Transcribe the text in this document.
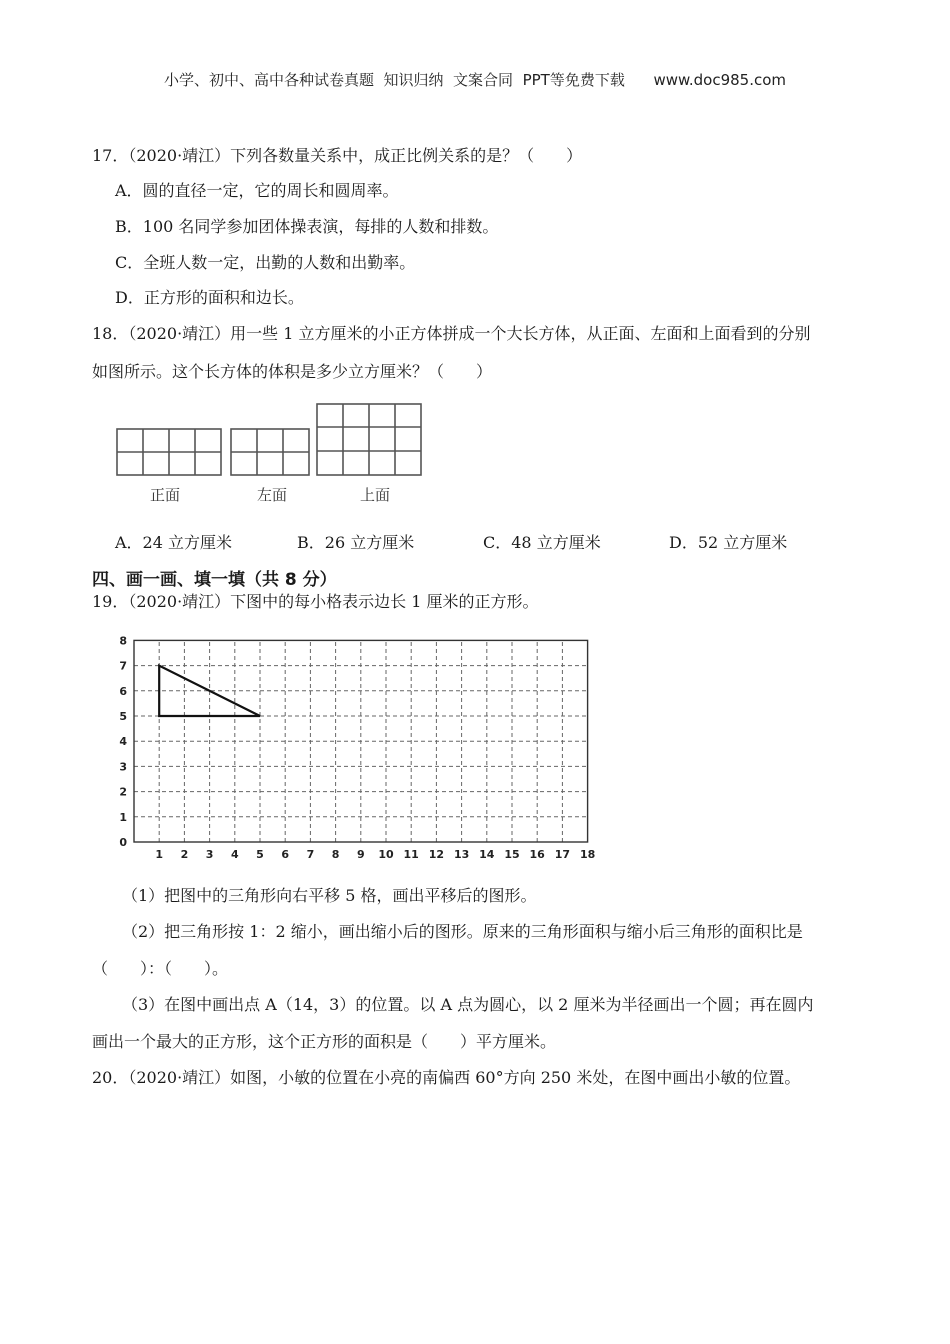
小学、初中、高中各种试卷真题  知识归纳  文案合同  PPT等免费下载      www.doc985.com
17．（2020·靖江）下列各数量关系中，成正比例关系的是？（　　）
A．圆的直径一定，它的周长和圆周率。
B．100 名同学参加团体操表演，每排的人数和排数。
C．全班人数一定，出勤的人数和出勤率。
D．正方形的面积和边长。
18．（2020·靖江）用一些 1 立方厘米的小正方体拼成一个大长方体，从正面、左面和上面看到的分别
如图所示。这个长方体的体积是多少立方厘米？（　　）
正面	左面	上面
A．24 立方厘米	B．26 立方厘米	C．48 立方厘米	D．52 立方厘米
四、画一画、填一填（共 8 分）
19．（2020·靖江）下图中的每小格表示边长 1 厘米的正方形。
0
1
2
3
4
5
6
7
8
1 2 3 4 5 6 7 8 9 10 11 12 13 14 15 16 17 18
（1）把图中的三角形向右平移 5 格，画出平移后的图形。
（2）把三角形按 1：2 缩小，画出缩小后的图形。原来的三角形面积与缩小后三角形的面积比是
（　　）：（　　）。
（3）在图中画出点 A（14，3）的位置。以 A 点为圆心，以 2 厘米为半径画出一个圆；再在圆内
画出一个最大的正方形，这个正方形的面积是（　　）平方厘米。
20．（2020·靖江）如图，小敏的位置在小亮的南偏西 60°方向 250 米处，在图中画出小敏的位置。
